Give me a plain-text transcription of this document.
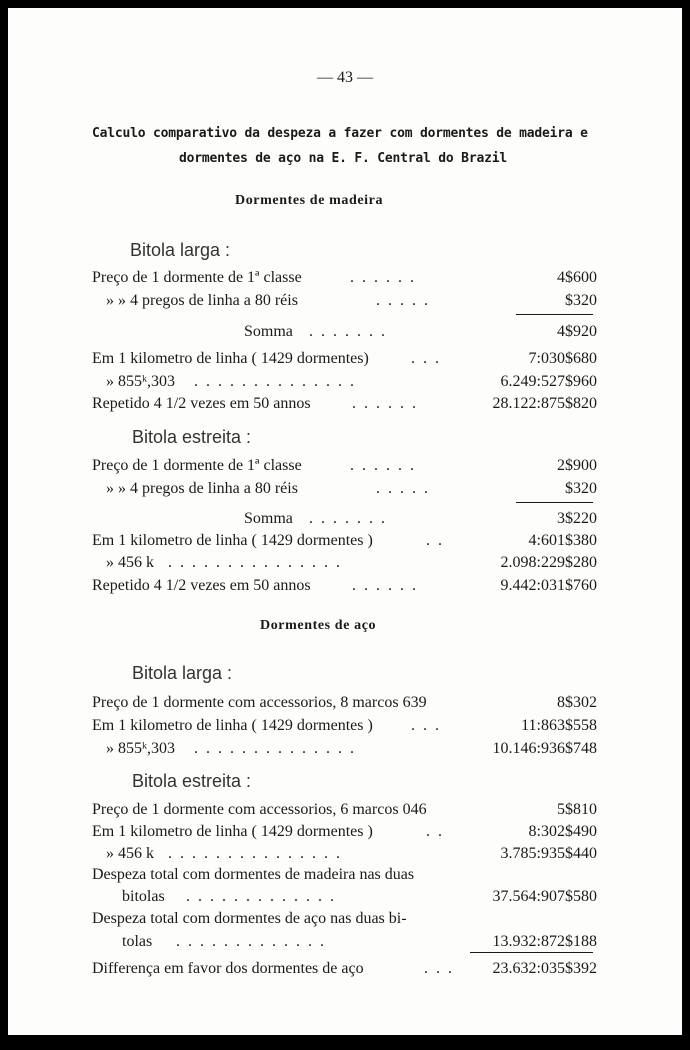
— 43 —
Calculo comparativo da despeza a fazer com dormentes de madeira e
dormentes de aço na E. F. Central do Brazil
Dormentes de madeira
Bitola larga :
Preço de 1 dormente de 1ª classe	. . . . . .	4$600
» » 4 pregos de linha a 80 réis	. . . . .	$320
Somma . . . . . . .	4$920
Em 1 kilometro de linha ( 1429 dormentes)	. . .	7:030$680
» 855ᵏ,303 . . . . . . . . . . . . . .	6.249:527$960
Repetido 4 1/2 vezes em 50 annos	. . . . . .	28.122:875$820
Bitola estreita :
Preço de 1 dormente de 1ª classe	. . . . . .	2$900
» » 4 pregos de linha a 80 réis	. . . . .	$320
Somma . . . . . . .	3$220
Em 1 kilometro de linha ( 1429 dormentes )	. .	4:601$380
» 456 k . . . . . . . . . . . . . . .	2.098:229$280
Repetido 4 1/2 vezes em 50 annos	. . . . . .	9.442:031$760
Dormentes de aço
Bitola larga :
Preço de 1 dormente com accessorios, 8 marcos 639	8$302
Em 1 kilometro de linha ( 1429 dormentes ) . . .	11:863$558
» 855ᵏ,303 . . . . . . . . . . . . . .	10.146:936$748
Bitola estreita :
Preço de 1 dormente com accessorios, 6 marcos 046	5$810
Em 1 kilometro de linha ( 1429 dormentes )	. .	8:302$490
» 456 k . . . . . . . . . . . . . . .	3.785:935$440
Despeza total com dormentes de madeira nas duas
bitolas . . . . . . . . . . . . .	37.564:907$580
Despeza total com dormentes de aço nas duas bi-
tolas . . . . . . . . . . . . .	13.932:872$188
Differença em favor dos dormentes de aço	. . . 23.632:035$392
